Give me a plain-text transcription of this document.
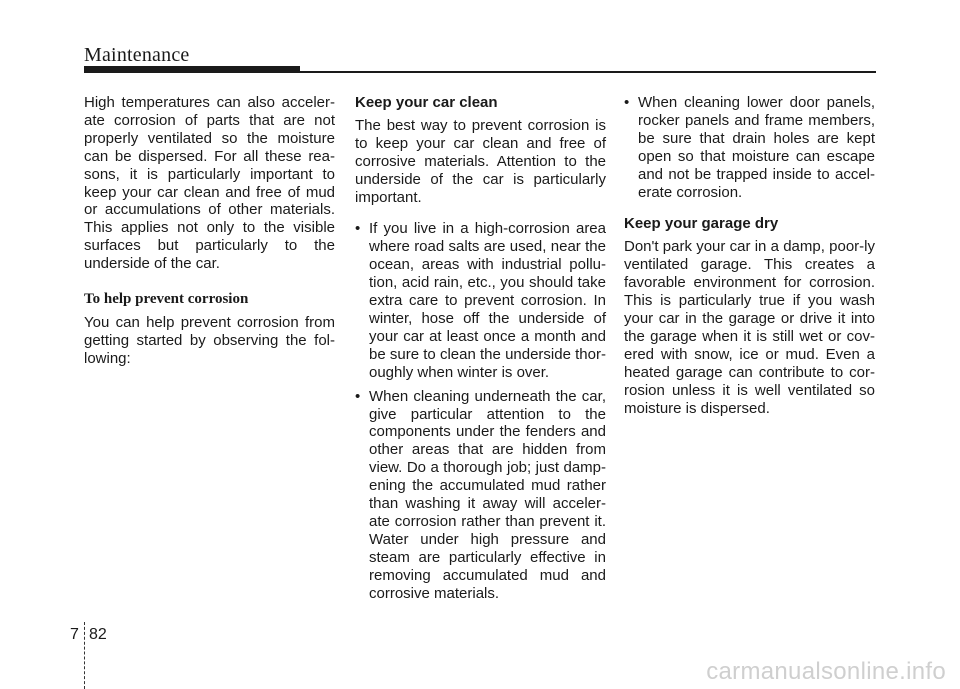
Maintenance

High temperatures can also acceler-ate corrosion of parts that are not properly ventilated so the moisture can be dispersed. For all these rea-sons, it is particularly important to keep your car clean and free of mud or accumulations of other materials. This applies not only to the visible surfaces but particularly to the underside of the car.

To help prevent corrosion

You can help prevent corrosion from getting started by observing the fol-lowing:

Keep your car clean

The best way to prevent corrosion is to keep your car clean and free of corrosive materials. Attention to the underside of the car is particularly important.

• If you live in a high-corrosion area where road salts are used, near the ocean, areas with industrial pollu-tion, acid rain, etc., you should take extra care to prevent corrosion. In winter, hose off the underside of your car at least once a month and be sure to clean the underside thor-oughly when winter is over.
• When cleaning underneath the car, give particular attention to the components under the fenders and other areas that are hidden from view. Do a thorough job; just damp-ening the accumulated mud rather than washing it away will acceler-ate corrosion rather than prevent it. Water under high pressure and steam are particularly effective in removing accumulated mud and corrosive materials.
• When cleaning lower door panels, rocker panels and frame members, be sure that drain holes are kept open so that moisture can escape and not be trapped inside to accel-erate corrosion.

Keep your garage dry

Don't park your car in a damp, poor-ly ventilated garage. This creates a favorable environment for corrosion. This is particularly true if you wash your car in the garage or drive it into the garage when it is still wet or cov-ered with snow, ice or mud. Even a heated garage can contribute to cor-rosion unless it is well ventilated so moisture is dispersed.

7 82
carmanualsonline.info
